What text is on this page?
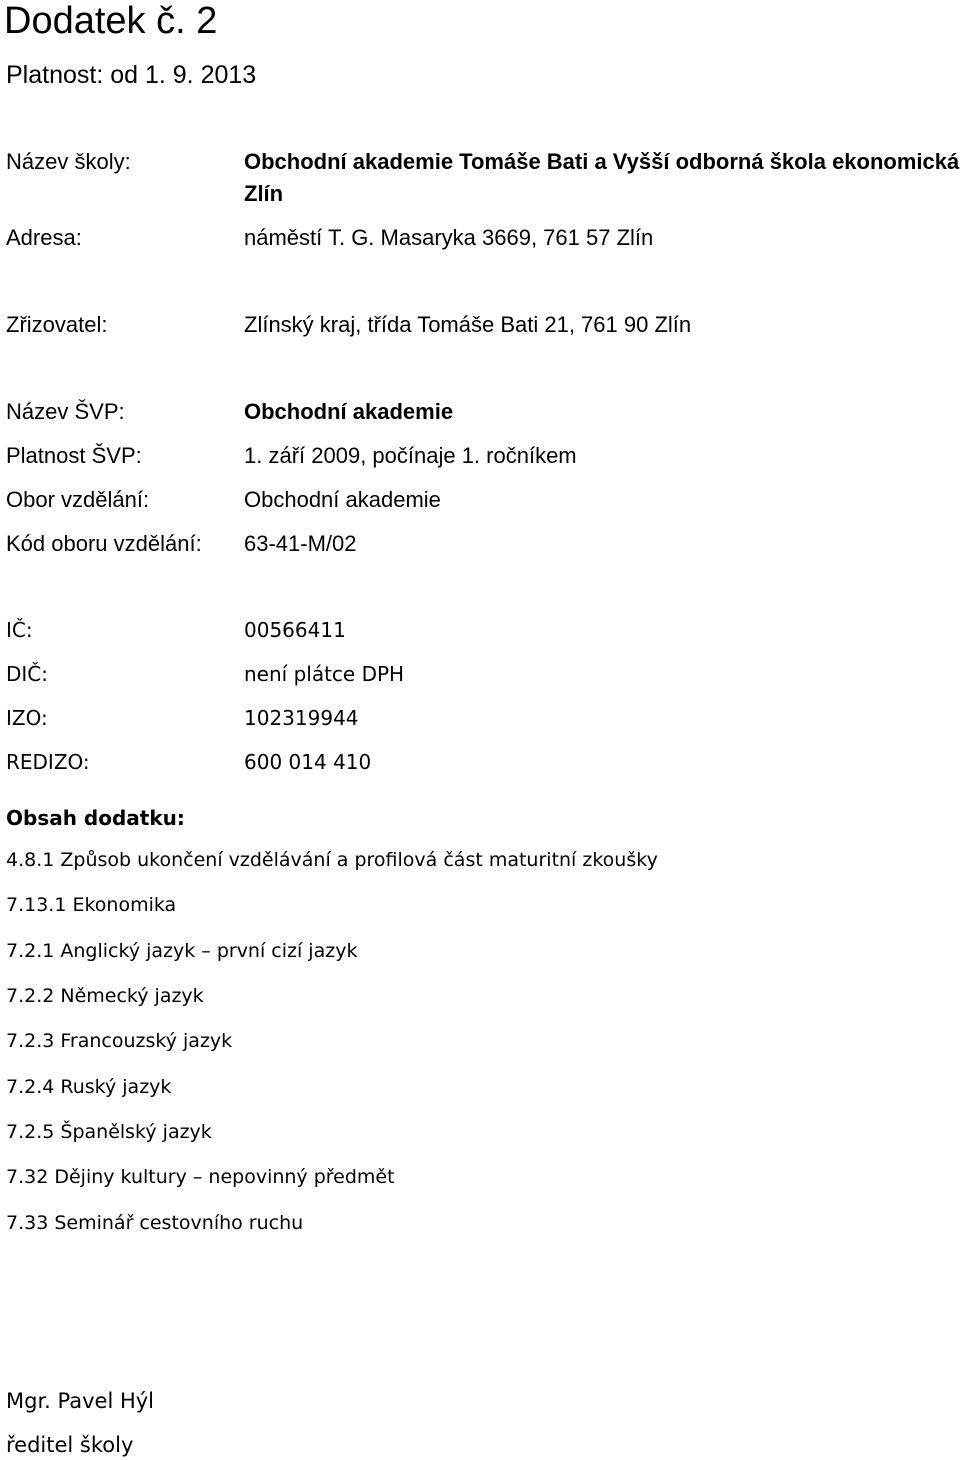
Dodatek č. 2
Platnost: od 1. 9. 2013
Název školy:	Obchodní akademie Tomáše Bati a Vyšší odborná škola ekonomická Zlín
Adresa:	náměstí T. G. Masaryka 3669, 761 57 Zlín
Zřizovatel:	Zlínský kraj, třída Tomáše Bati 21, 761 90 Zlín
Název ŠVP:	Obchodní akademie
Platnost ŠVP:	1. září 2009, počínaje 1. ročníkem
Obor vzdělání:	Obchodní akademie
Kód oboru vzdělání: 63-41-M/02
IČ:	00566411
DIČ:	není plátce DPH
IZO:	102319944
REDIZO:	600 014 410
Obsah dodatku:
4.8.1 Způsob ukončení vzdělávání a profilová část maturitní zkoušky
7.13.1 Ekonomika
7.2.1 Anglický jazyk – první cizí jazyk
7.2.2 Německý jazyk
7.2.3 Francouzský jazyk
7.2.4 Ruský jazyk
7.2.5 Španělský jazyk
7.32 Dějiny kultury – nepovinný předmět
7.33 Seminář cestovního ruchu
Mgr. Pavel Hýl
ředitel školy
